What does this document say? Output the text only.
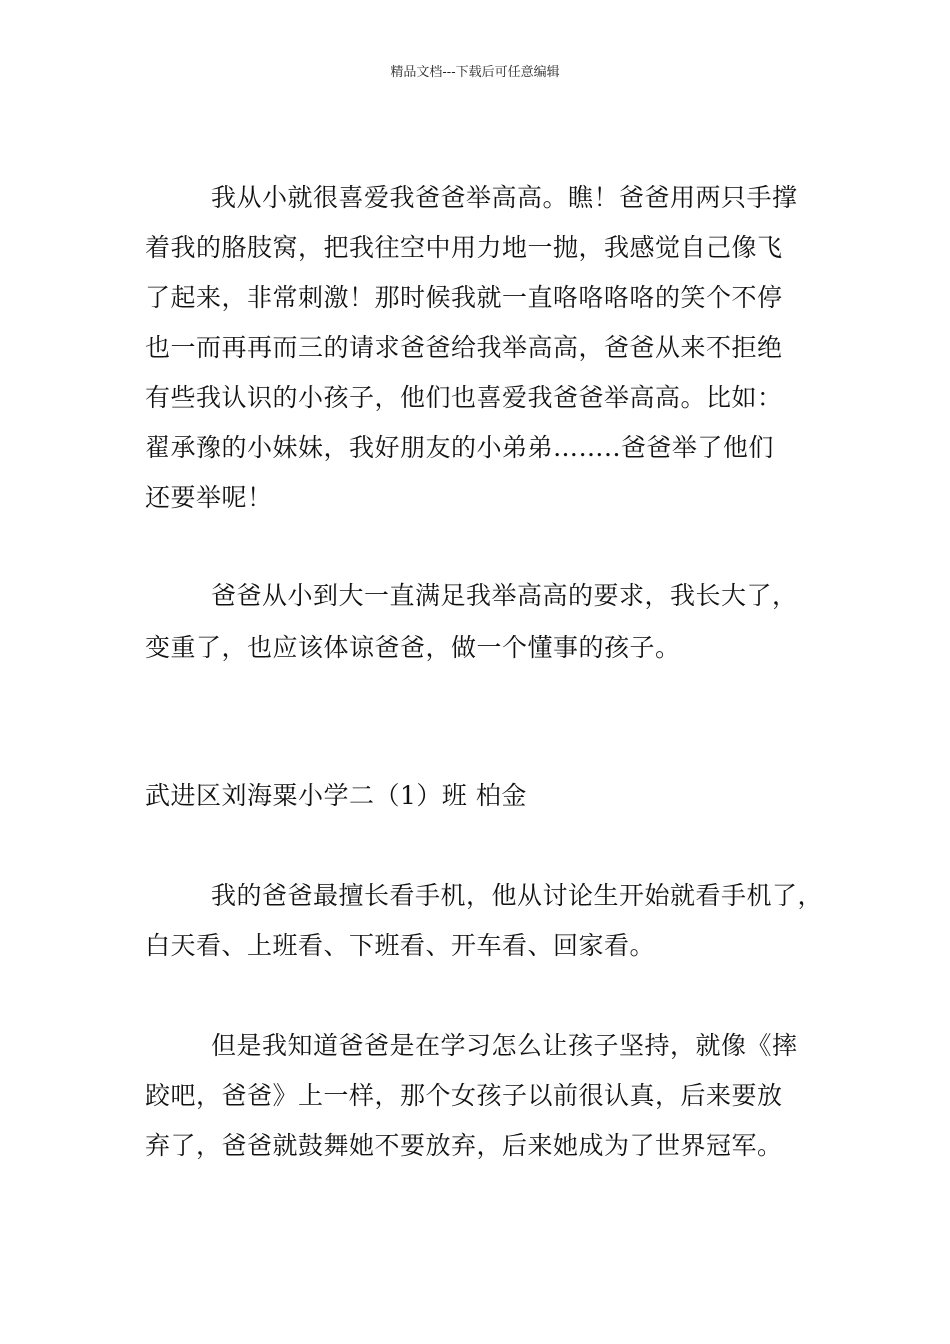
精品文档---下载后可任意编辑
我从小就很喜爱我爸爸举高高。瞧！爸爸用两只手撑
着我的胳肢窝，把我往空中用力地一抛，我感觉自己像飞
了起来，非常刺激！那时候我就一直咯咯咯咯的笑个不停
也一而再再而三的请求爸爸给我举高高，爸爸从来不拒绝
有些我认识的小孩子，他们也喜爱我爸爸举高高。比如：
翟承豫的小妹妹，我好朋友的小弟弟……..爸爸举了他们
还要举呢！
爸爸从小到大一直满足我举高高的要求，我长大了，
变重了，也应该体谅爸爸，做一个懂事的孩子。
武进区刘海粟小学二（1）班 柏金
我的爸爸最擅长看手机，他从讨论生开始就看手机了，
白天看、上班看、下班看、开车看、回家看。
但是我知道爸爸是在学习怎么让孩子坚持，就像《摔
跤吧，爸爸》上一样，那个女孩子以前很认真，后来要放
弃了，爸爸就鼓舞她不要放弃，后来她成为了世界冠军。
